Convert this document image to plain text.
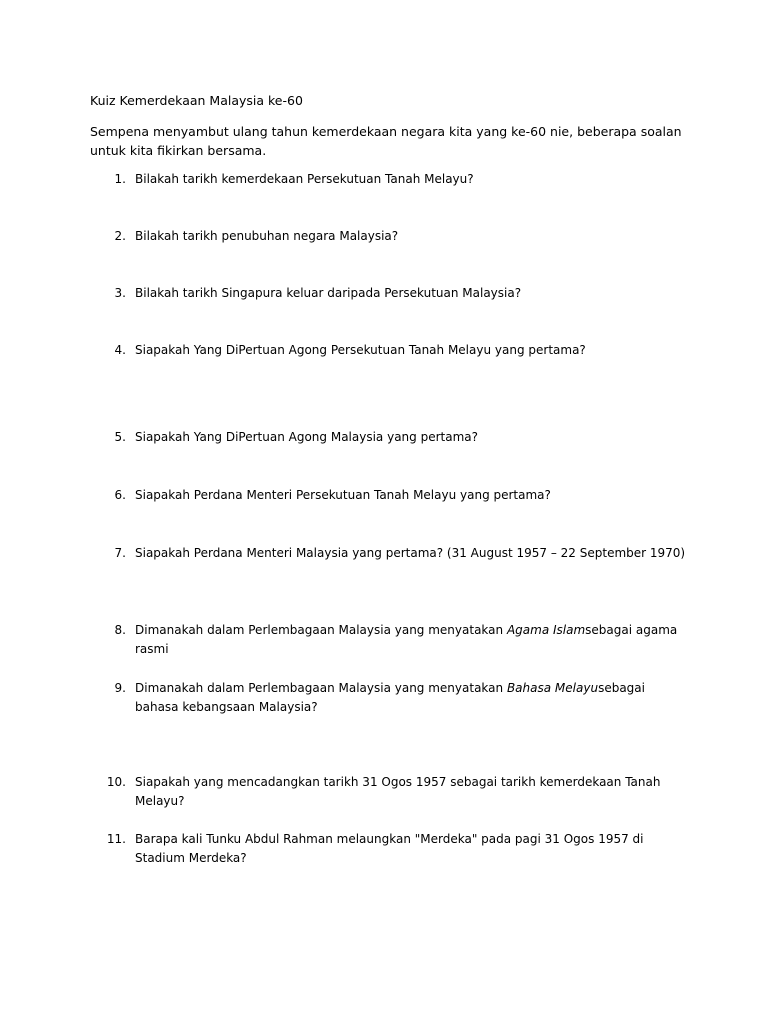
Kuiz Kemerdekaan Malaysia ke-60
Sempena menyambut ulang tahun kemerdekaan negara kita yang ke-60 nie, beberapa soalan untuk kita fikirkan bersama.
1. Bilakah tarikh kemerdekaan Persekutuan Tanah Melayu?
2. Bilakah tarikh penubuhan negara Malaysia?
3. Bilakah tarikh Singapura keluar daripada Persekutuan Malaysia?
4. Siapakah Yang DiPertuan Agong Persekutuan Tanah Melayu yang pertama?
5. Siapakah Yang DiPertuan Agong Malaysia yang pertama?
6. Siapakah Perdana Menteri Persekutuan Tanah Melayu yang pertama?
7. Siapakah Perdana Menteri Malaysia yang pertama? (31 August 1957 – 22 September 1970)
8. Dimanakah dalam Perlembagaan Malaysia yang menyatakan Agama Islamsebagai agama rasmi
9. Dimanakah dalam Perlembagaan Malaysia yang menyatakan Bahasa Melayusebagai bahasa kebangsaan Malaysia?
10. Siapakah yang mencadangkan tarikh 31 Ogos 1957 sebagai tarikh kemerdekaan Tanah Melayu?
11. Barapa kali Tunku Abdul Rahman melaungkan "Merdeka" pada pagi 31 Ogos 1957 di Stadium Merdeka?
